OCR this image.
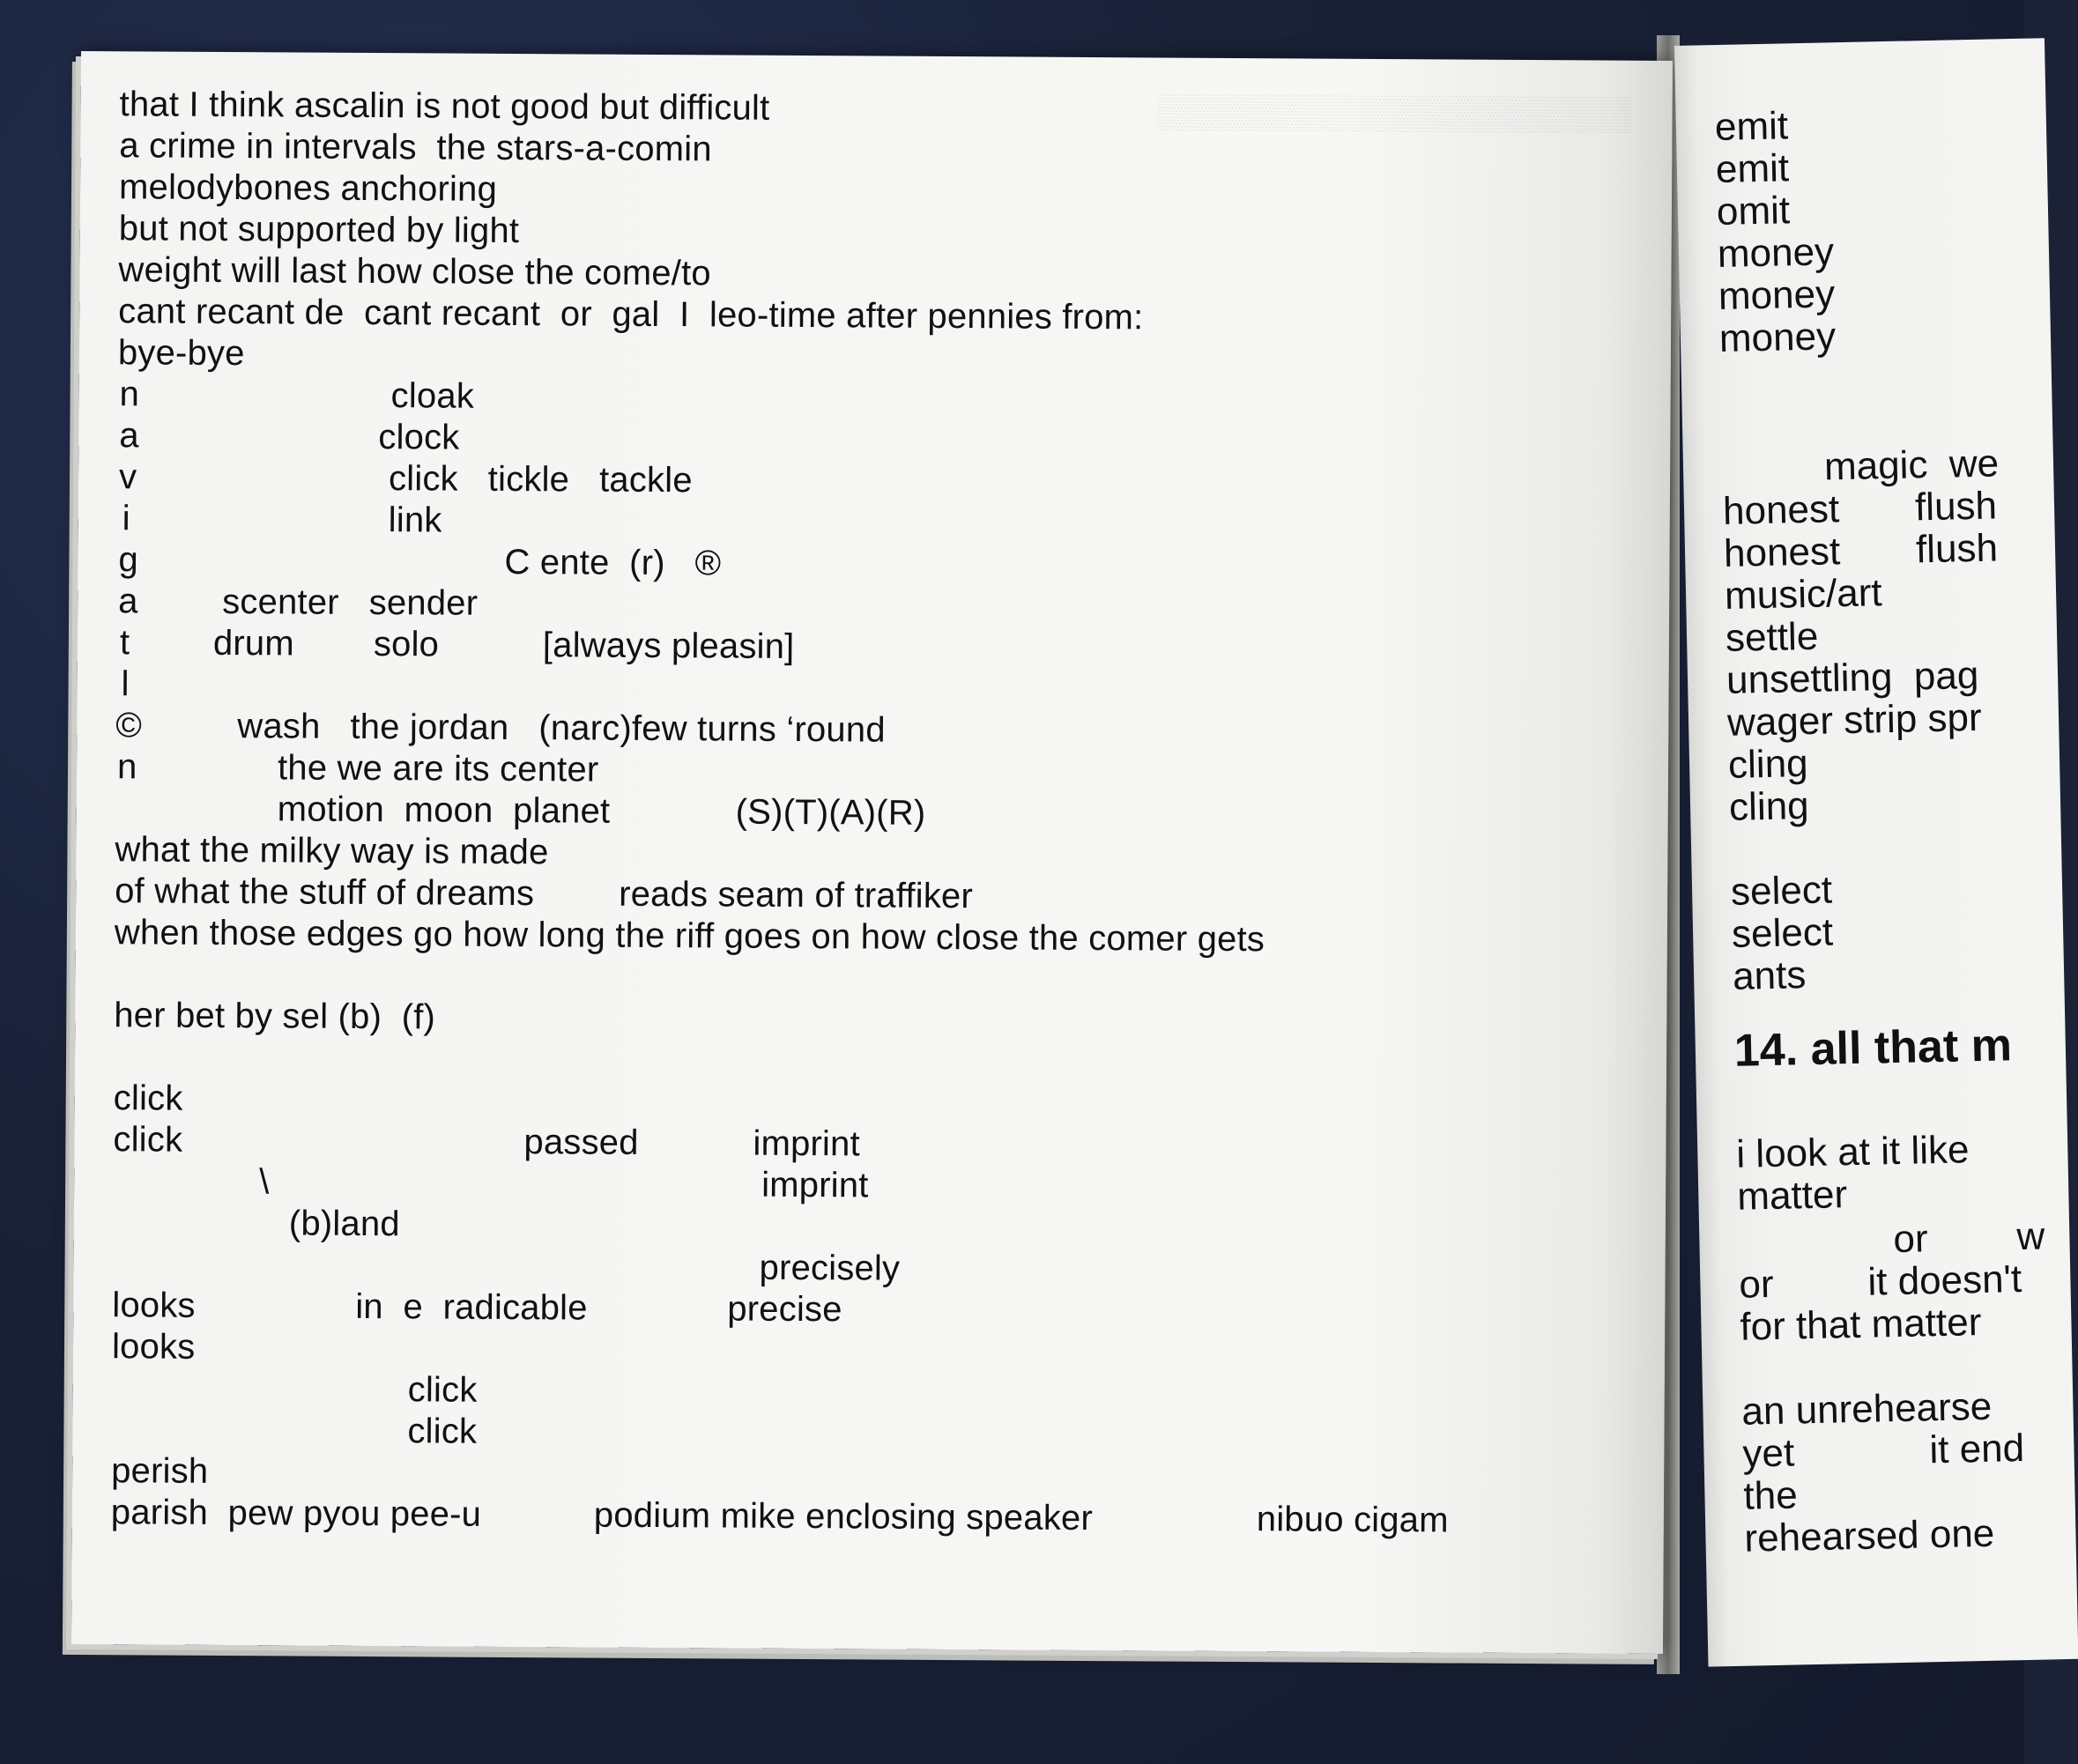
▒▒▒▒▒▒▒▒▒▒▒▒▒▒▒▒▒▒▒▒
that I think ascalin is not good but difficult
a crime in intervals  the stars-a-comin
melodybones anchoring
but not supported by light
weight will last how close the come/to
cant recant de  cant recant  or  gal  I  leo-time after pennies from:
bye-bye
n	cloak
a	clock
v	click   tickle   tackle
i	link
g	C ente  (r)   ®
a scenter   sender
t drum solo	[always pleasin]
l
©	wash   the jordan   (narc)few turns ‘round
n	the we are its center
motion  moon  planet	(S)(T)(A)(R)
what the milky way is made
of what the stuff of dreams reads seam of traffiker
when those edges go how long the riff goes on how close the comer gets
her bet by sel (b)  (f)
click
click	passed	imprint
\	imprint
(b)land
precisely
looks	in  e  radicable	precise
looks
click
click
perish
parish  pew pyou pee-u	podium mike enclosing speaker	nibuo cigam
emit
emit
omit
money
money
money
magic  we
honest flush
honest flush
music/art
settle
unsettling  pag
wager strip spr
cling
cling
select
select
ants
14. all that m
i look at it like
matter
or w
or it doesn't
for that matter
an unrehearse
yet	it end
the
rehearsed one
